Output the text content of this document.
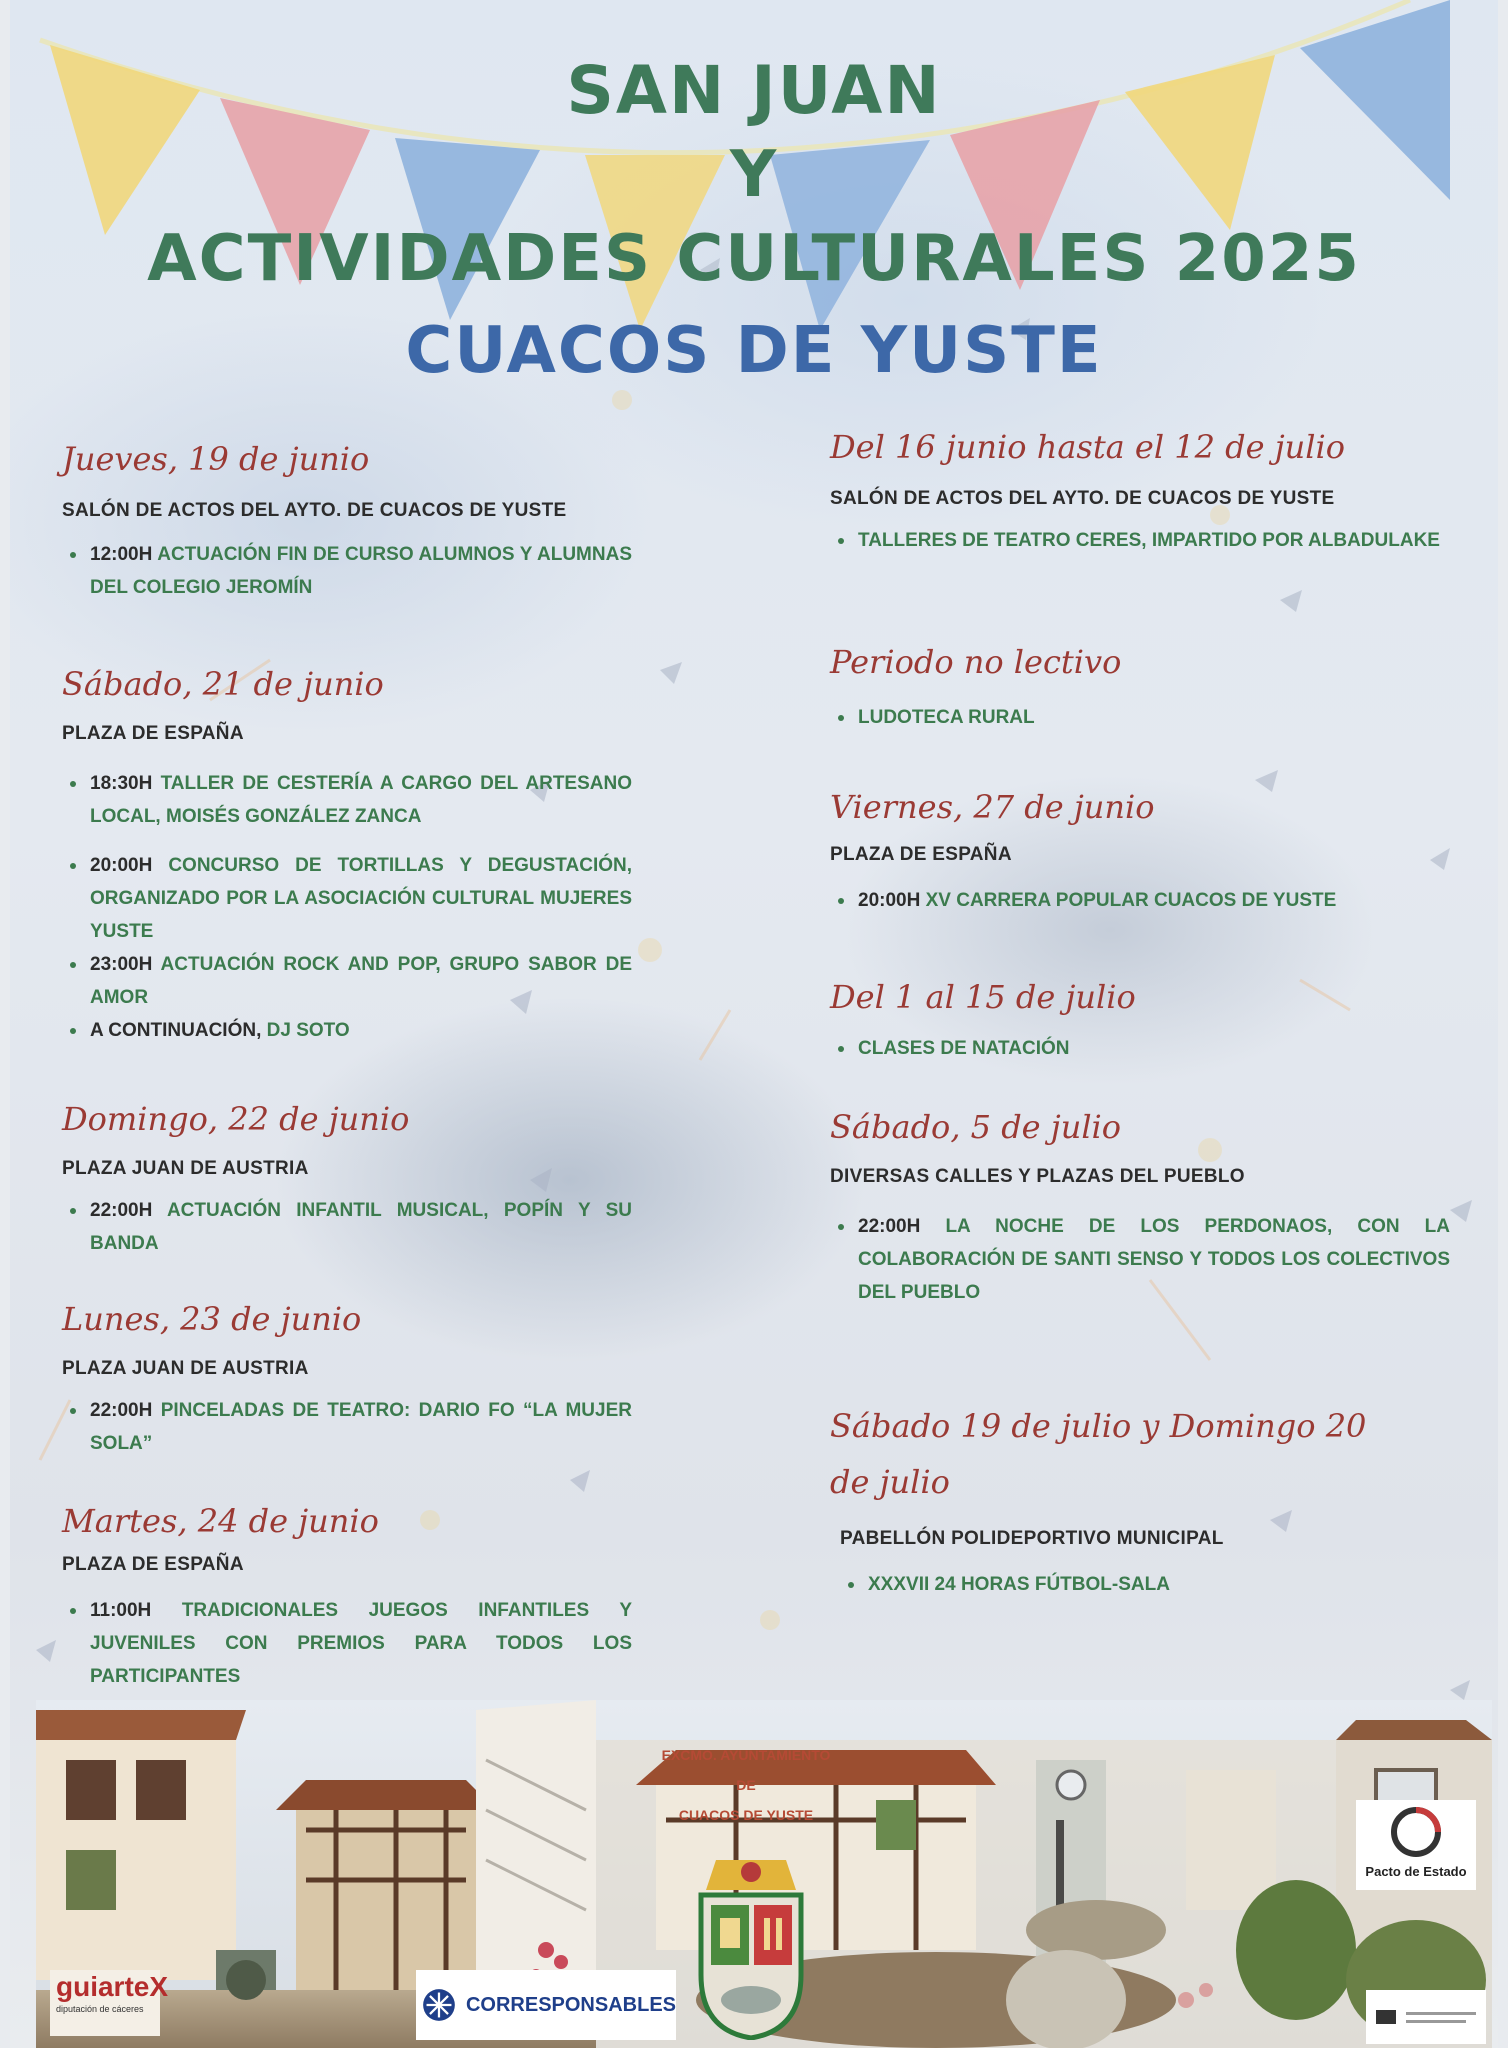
SAN JUAN
Y
ACTIVIDADES CULTURALES 2025
CUACOS DE YUSTE

Jueves, 19 de junio

SALÓN DE ACTOS DEL AYTO. DE CUACOS DE YUSTE

12:00H ACTUACIÓN FIN DE CURSO ALUMNOS Y ALUMNAS DEL COLEGIO JEROMÍN

Sábado, 21 de junio

PLAZA DE ESPAÑA

18:30H TALLER DE CESTERÍA A CARGO DEL ARTESANO LOCAL, MOISÉS GONZÁLEZ ZANCA
20:00H CONCURSO DE TORTILLAS Y DEGUSTACIÓN, ORGANIZADO POR LA ASOCIACIÓN CULTURAL MUJERES YUSTE
23:00H ACTUACIÓN ROCK AND POP, GRUPO SABOR DE AMOR
A CONTINUACIÓN, DJ SOTO

Domingo, 22 de junio

PLAZA JUAN DE AUSTRIA

22:00H ACTUACIÓN INFANTIL MUSICAL, POPÍN Y SU BANDA

Lunes, 23 de junio

PLAZA JUAN DE AUSTRIA

22:00H PINCELADAS DE TEATRO: DARIO FO “LA MUJER SOLA”

Martes, 24 de junio

PLAZA DE ESPAÑA

11:00H TRADICIONALES JUEGOS INFANTILES Y JUVENILES CON PREMIOS PARA TODOS LOS PARTICIPANTES

Del 16 junio hasta el 12 de julio

SALÓN DE ACTOS DEL AYTO. DE CUACOS DE YUSTE

TALLERES DE TEATRO CERES, IMPARTIDO POR ALBADULAKE

Periodo no lectivo

LUDOTECA RURAL

Viernes, 27 de junio

PLAZA DE ESPAÑA

20:00H XV CARRERA POPULAR CUACOS DE YUSTE

Del 1 al 15 de julio

CLASES DE NATACIÓN

Sábado, 5 de julio

DIVERSAS CALLES Y PLAZAS DEL PUEBLO

22:00H LA NOCHE DE LOS PERDONAOS, CON LA COLABORACIÓN DE SANTI SENSO Y TODOS LOS COLECTIVOS DEL PUEBLO

Sábado 19 de julio y Domingo 20 de julio

PABELLÓN POLIDEPORTIVO MUNICIPAL

XXXVII 24 HORAS FÚTBOL-SALA
EXCMO. AYUNTAMIENTO
DE
CUACOS DE YUSTE
guiarteX
diputación de cáceres	CORRESPONSABLES
Pacto de Estado
